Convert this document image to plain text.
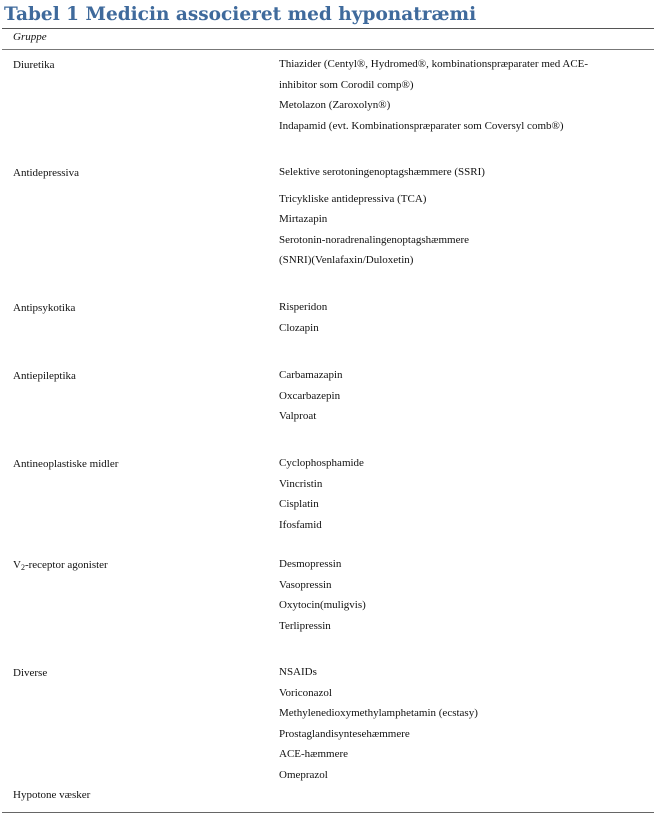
Tabel 1 Medicin associeret med hyponatræmi
Gruppe
Diuretika	Thiazider (Centyl®, Hydromed®, kombinationspræparater med ACE-
inhibitor som Corodil comp®)
Metolazon (Zaroxolyn®)
Indapamid (evt. Kombinationspræparater som Coversyl comb®)
Antidepressiva	Selektive serotoningenoptagshæmmere (SSRI)
Tricykliske antidepressiva (TCA)
Mirtazapin
Serotonin-noradrenalingenoptagshæmmere
(SNRI)(Venlafaxin/Duloxetin)
Antipsykotika	Risperidon
Clozapin
Antiepileptika	Carbamazapin
Oxcarbazepin
Valproat
Antineoplastiske midler	Cyclophosphamide
Vincristin
Cisplatin
Ifosfamid
$V_2$-receptor agonister	Desmopressin
Vasopressin
Oxytocin(muligvis)
Terlipressin
Diverse	NSAIDs
Voriconazol
Methylenedioxymethylamphetamin (ecstasy)
Prostaglandisyntesehæmmere
ACE-hæmmere
Omeprazol
Hypotone væsker
